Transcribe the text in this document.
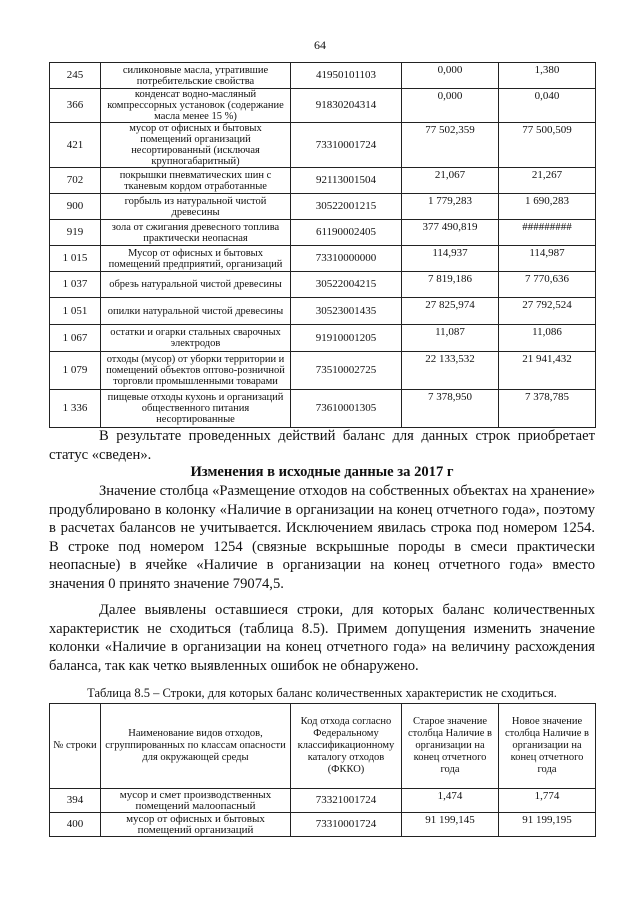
64
245	силиконовые масла, утратившие потребительские свойства	41950101103	0,000	1,380
366	конденсат водно-масляный компрессорных установок (содержание масла менее 15 %)	91830204314	0,000	0,040
421	мусор от офисных и бытовых помещений организаций несортированный (исключая крупногабаритный)	73310001724	77 502,359	77 500,509
702	покрышки пневматических шин с тканевым кордом отработанные	92113001504	21,067	21,267
900	горбыль из натуральной чистой древесины	30522001215	1 779,283	1 690,283
919	зола от сжигания древесного топлива практически неопасная	61190002405	377 490,819	#########
1 015	Мусор от офисных и бытовых помещений предприятий, организаций	73310000000	114,937	114,987
1 037	обрезь натуральной чистой древесины	30522004215	7 819,186	7 770,636
1 051	опилки натуральной чистой древесины	30523001435	27 825,974	27 792,524
1 067	остатки и огарки стальных сварочных электродов	91910001205	11,087	11,086
1 079	отходы (мусор) от уборки территории и помещений объектов оптово-розничной торговли промышленными товарами	73510002725	22 133,532	21 941,432
1 336	пищевые отходы кухонь и организаций общественного питания несортированные	73610001305	7 378,950	7 378,785

В результате проведенных действий баланс для данных строк приобретает статус «сведен».

Изменения в исходные данные за 2017 г

Значение столбца «Размещение отходов на собственных объектах на хранение» продублировано в колонку «Наличие в организации на конец отчетного года», поэтому в расчетах балансов не учитывается. Исключением явилась строка под номером 1254. В строке под номером 1254 (связные вскрышные породы в смеси практически неопасные) в ячейке «Наличие в организации на конец отчетного года» вместо значения 0 принято значение 79074,5.

Далее выявлены оставшиеся строки, для которых баланс количественных характеристик не сходиться (таблица 8.5). Примем допущения изменить значение колонки «Наличие в организации на конец отчетного года» на величину расхождения баланса, так как четко выявленных ошибок не обнаружено.

Таблица 8.5 – Строки, для которых баланс количественных характеристик не сходиться.

№ строки	Наименование видов отходов, сгруппированных по классам опасности для окружающей среды	Код отхода согласно Федеральному классификационному каталогу отходов (ФККО)	Старое значение столбца Наличие в организации на конец отчетного года	Новое значение столбца Наличие в организации на конец отчетного года
394	мусор и смет производственных помещений малоопасный	73321001724	1,474	1,774
400	мусор от офисных и бытовых помещений организаций	73310001724	91 199,145	91 199,195
